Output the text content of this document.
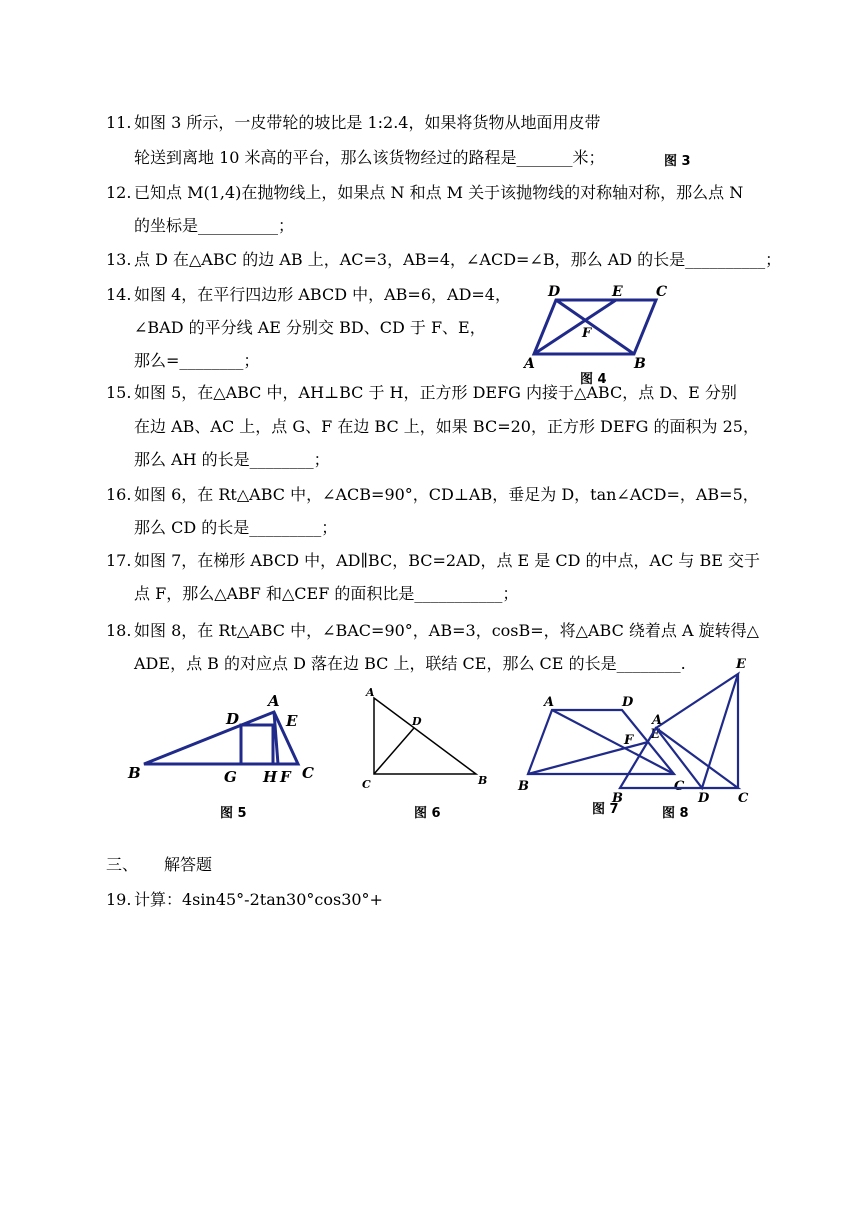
11. 如图 3 所示，一皮带轮的坡比是 1:2.4，如果将货物从地面用皮带
轮送到离地 10 米高的平台，那么该货物经过的路程是_______米；	图 3
12. 已知点 M(1,4)在抛物线上，如果点 N 和点 M 关于该抛物线的对称轴对称，那么点 N
的坐标是__________；
13. 点 D 在△ABC 的边 AB 上，AC=3，AB=4，∠ACD=∠B，那么 AD 的长是__________；
14. 如图 4，在平行四边形 ABCD 中，AB=6，AD=4，
∠BAD 的平分线 AE 分别交 BD、CD 于 F、E，
那么=________；
D	E C
F
A	B
图 4
15. 如图 5，在△ABC 中，AH⊥BC 于 H，正方形 DEFG 内接于△ABC，点 D、E 分别
在边 AB、AC 上，点 G、F 在边 BC 上，如果 BC=20，正方形 DEFG 的面积为 25，
那么 AH 的长是________；
16. 如图 6，在 Rt△ABC 中，∠ACB=90°，CD⊥AB，垂足为 D，tan∠ACD=，AB=5，
那么 CD 的长是_________；
17. 如图 7，在梯形 ABCD 中，AD∥BC，BC=2AD，点 E 是 CD 的中点，AC 与 BE 交于
点 F，那么△ABF 和△CEF 的面积比是___________；
18. 如图 8，在 Rt△ABC 中，∠BAC=90°，AB=3，cosB=，将△ABC 绕着点 A 旋转得△
ADE，点 B 的对应点 D 落在边 BC 上，联结 CE，那么 CE 的长是________.
A
D	E
B	G H F C
图 5
A
D
C	B
图 6
A	D
F E
B	C
图 7
E
A
B	D C
图 8
三、 解答题
19. 计算：4sin45°-2tan30°cos30°+
